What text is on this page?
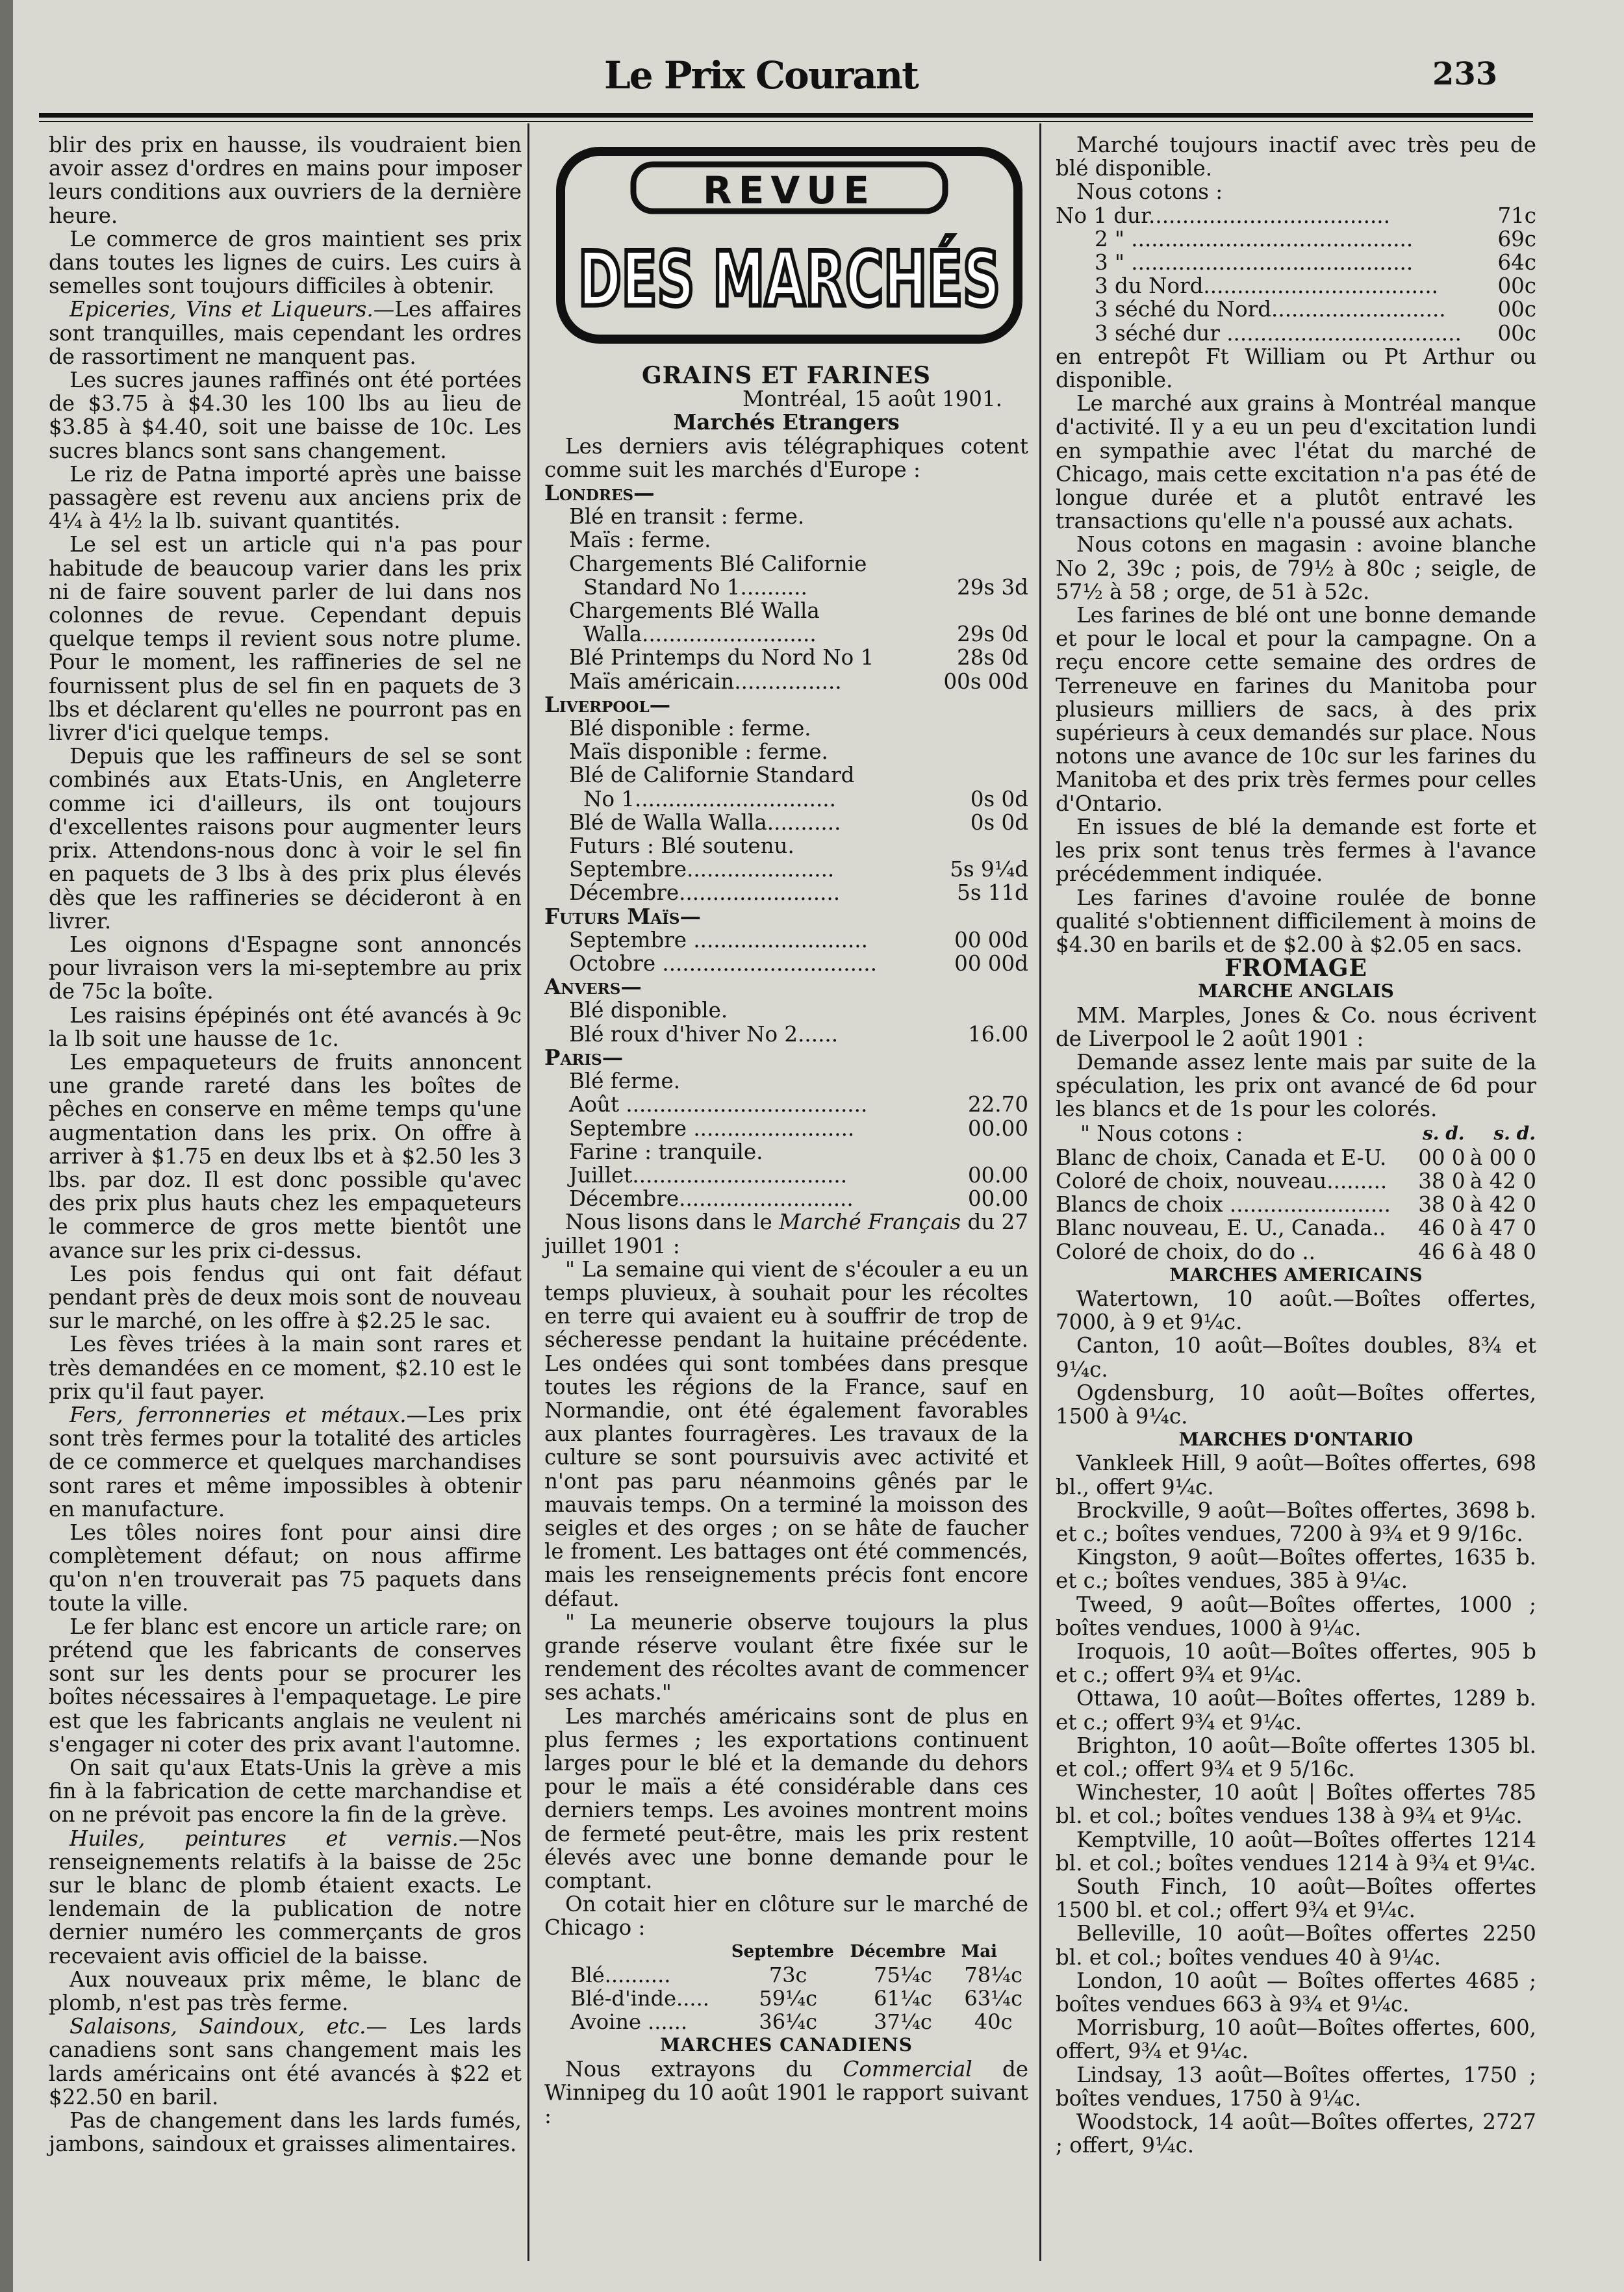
Le Prix Courant	233

blir des prix en hausse, ils voudraient bien avoir assez d'ordres en mains pour imposer leurs conditions aux ouvriers de la dernière heure.

Le commerce de gros maintient ses prix dans toutes les lignes de cuirs. Les cuirs à semelles sont toujours difficiles à obtenir.

Epiceries, Vins et Liqueurs.—Les affaires sont tranquilles, mais cependant les ordres de rassortiment ne manquent pas.

Les sucres jaunes raffinés ont été portées de $3.75 à $4.30 les 100 lbs au lieu de $3.85 à $4.40, soit une baisse de 10c. Les sucres blancs sont sans changement.

Le riz de Patna importé après une baisse passagère est revenu aux anciens prix de 4¼ à 4½ la lb. suivant quantités.

Le sel est un article qui n'a pas pour habitude de beaucoup varier dans les prix ni de faire souvent parler de lui dans nos colonnes de revue. Cependant depuis quelque temps il revient sous notre plume. Pour le moment, les raffineries de sel ne fournissent plus de sel fin en paquets de 3 lbs et déclarent qu'elles ne pourront pas en livrer d'ici quelque temps.

Depuis que les raffineurs de sel se sont combinés aux Etats-Unis, en Angleterre comme ici d'ailleurs, ils ont toujours d'excellentes raisons pour augmenter leurs prix. Attendons-nous donc à voir le sel fin en paquets de 3 lbs à des prix plus élevés dès que les raffineries se décideront à en livrer.

Les oignons d'Espagne sont annoncés pour livraison vers la mi-septembre au prix de 75c la boîte.

Les raisins épépinés ont été avancés à 9c la lb soit une hausse de 1c.

Les empaqueteurs de fruits annoncent une grande rareté dans les boîtes de pêches en conserve en même temps qu'une augmentation dans les prix. On offre à arriver à $1.75 en deux lbs et à $2.50 les 3 lbs. par doz. Il est donc possible qu'avec des prix plus hauts chez les empaqueteurs le commerce de gros mette bientôt une avance sur les prix ci-dessus.

Les pois fendus qui ont fait défaut pendant près de deux mois sont de nouveau sur le marché, on les offre à $2.25 le sac.

Les fèves triées à la main sont rares et très demandées en ce moment, $2.10 est le prix qu'il faut payer.

Fers, ferronneries et métaux.—Les prix sont très fermes pour la totalité des articles de ce commerce et quelques marchandises sont rares et même impossibles à obtenir en manufacture.

Les tôles noires font pour ainsi dire complètement défaut; on nous affirme qu'on n'en trouverait pas 75 paquets dans toute la ville.

Le fer blanc est encore un article rare; on prétend que les fabricants de conserves sont sur les dents pour se procurer les boîtes nécessaires à l'empaquetage. Le pire est que les fabricants anglais ne veulent ni s'engager ni coter des prix avant l'automne.

On sait qu'aux Etats-Unis la grève a mis fin à la fabrication de cette marchandise et on ne prévoit pas encore la fin de la grève.

Huiles, peintures et vernis.—Nos renseignements relatifs à la baisse de 25c sur le blanc de plomb étaient exacts. Le lendemain de la publication de notre dernier numéro les commerçants de gros recevaient avis officiel de la baisse.

Aux nouveaux prix même, le blanc de plomb, n'est pas très ferme.

Salaisons, Saindoux, etc.— Les lards canadiens sont sans changement mais les lards américains ont été avancés à $22 et $22.50 en baril.

Pas de changement dans les lards fumés, jambons, saindoux et graisses alimentaires.

REVUE
DES MARCHÉS

GRAINS ET FARINES

Montréal, 15 août 1901.

Marchés Etrangers

Les derniers avis télégraphiques cotent comme suit les marchés d'Europe :

Londres—

Blé en transit : ferme.

Maïs : ferme.

Chargements Blé Californie

Standard No 1..........	29s 3d
Chargements Blé Walla
Walla..........................	29s 0d
Blé Printemps du Nord No 1	28s 0d
Maïs américain................	00s 00d

Liverpool—

Blé disponible : ferme.

Maïs disponible : ferme.

Blé de Californie Standard

No 1..............................	0s 0d
Blé de Walla Walla...........	0s 0d
Futurs : Blé soutenu.
Septembre......................	5s 9¼d
Décembre........................	5s 11d

Futurs Maïs—

Septembre ..........................	00 00d
Octobre ................................	00 00d

Anvers—

Blé disponible.

Blé roux d'hiver No 2......	16.00

Paris—

Blé ferme.

Août ....................................	22.70
Septembre ........................	00.00
Farine : tranquile.
Juillet................................	00.00
Décembre..........................	00.00

Nous lisons dans le Marché Français du 27 juillet 1901 :

" La semaine qui vient de s'écouler a eu un temps pluvieux, à souhait pour les récoltes en terre qui avaient eu à souffrir de trop de sécheresse pendant la huitaine précédente. Les ondées qui sont tombées dans presque toutes les régions de la France, sauf en Normandie, ont été également favorables aux plantes fourragères. Les travaux de la culture se sont poursuivis avec activité et n'ont pas paru néanmoins gênés par le mauvais temps. On a terminé la moisson des seigles et des orges ; on se hâte de faucher le froment. Les battages ont été commencés, mais les renseignements précis font encore défaut.

" La meunerie observe toujours la plus grande réserve voulant être fixée sur le rendement des récoltes avant de commencer ses achats."

Les marchés américains sont de plus en plus fermes ; les exportations continuent larges pour le blé et la demande du dehors pour le maïs a été considérable dans ces derniers temps. Les avoines montrent moins de fermeté peut-être, mais les prix restent élevés avec une bonne demande pour le comptant.

On cotait hier en clôture sur le marché de Chicago :

	Septembre	Décembre	Mai
Blé..........	73c	75¼c	78¼c
Blé-d'inde.....	59¼c	61¼c	63¼c
Avoine ......	36¼c	37¼c	40c

MARCHES CANADIENS

Nous extrayons du Commercial de Winnipeg du 10 août 1901 le rapport suivant :

Marché toujours inactif avec très peu de blé disponible.

Nous cotons :

No 1 dur....................................	71c
2 " ..........................................	69c
3 " ..........................................	64c
3 du Nord...................................	00c
3 séché du Nord..........................	00c
3 séché dur ...................................	00c

en entrepôt Ft William ou Pt Arthur ou disponible.

Le marché aux grains à Montréal manque d'activité. Il y a eu un peu d'excitation lundi en sympathie avec l'état du marché de Chicago, mais cette excitation n'a pas été de longue durée et a plutôt entravé les transactions qu'elle n'a poussé aux achats.

Nous cotons en magasin : avoine blanche No 2, 39c ; pois, de 79½ à 80c ; seigle, de 57½ à 58 ; orge, de 51 à 52c.

Les farines de blé ont une bonne demande et pour le local et pour la campagne. On a reçu encore cette semaine des ordres de Terreneuve en farines du Manitoba pour plusieurs milliers de sacs, à des prix supérieurs à ceux demandés sur place. Nous notons une avance de 10c sur les farines du Manitoba et des prix très fermes pour celles d'Ontario.

En issues de blé la demande est forte et les prix sont tenus très fermes à l'avance précédemment indiquée.

Les farines d'avoine roulée de bonne qualité s'obtiennent difficilement à moins de $4.30 en barils et de $2.00 à $2.05 en sacs.

FROMAGE

MARCHE ANGLAIS

MM. Marples, Jones & Co. nous écrivent de Liverpool le 2 août 1901 :

Demande assez lente mais par suite de la spéculation, les prix ont avancé de 6d pour les blancs et de 1s pour les colorés.

" Nous cotons :	s. d.	s. d.
Blanc de choix, Canada et E-U.	00 0	à 00 0
Coloré de choix, nouveau.........	38 0	à 42 0
Blancs de choix ........................	38 0	à 42 0
Blanc nouveau, E. U., Canada..	46 0	à 47 0
Coloré de choix, do do ..	46 6	à 48 0

MARCHES AMERICAINS

Watertown, 10 août.—Boîtes offertes, 7000, à 9 et 9¼c.

Canton, 10 août—Boîtes doubles, 8¾ et 9¼c.

Ogdensburg, 10 août—Boîtes offertes, 1500 à 9¼c.

MARCHES D'ONTARIO

Vankleek Hill, 9 août—Boîtes offertes, 698 bl., offert 9¼c.

Brockville, 9 août—Boîtes offertes, 3698 b. et c.; boîtes vendues, 7200 à 9¾ et 9 9/16c.

Kingston, 9 août—Boîtes offertes, 1635 b. et c.; boîtes vendues, 385 à 9¼c.

Tweed, 9 août—Boîtes offertes, 1000 ; boîtes vendues, 1000 à 9¼c.

Iroquois, 10 août—Boîtes offertes, 905 b et c.; offert 9¾ et 9¼c.

Ottawa, 10 août—Boîtes offertes, 1289 b. et c.; offert 9¾ et 9¼c.

Brighton, 10 août—Boîte offertes 1305 bl. et col.; offert 9¾ et 9 5/16c.

Winchester, 10 août | Boîtes offertes 785 bl. et col.; boîtes vendues 138 à 9¾ et 9¼c.

Kemptville, 10 août—Boîtes offertes 1214 bl. et col.; boîtes vendues 1214 à 9¾ et 9¼c.

South Finch, 10 août—Boîtes offertes 1500 bl. et col.; offert 9¾ et 9¼c.

Belleville, 10 août—Boîtes offertes 2250 bl. et col.; boîtes vendues 40 à 9¼c.

London, 10 août — Boîtes offertes 4685 ; boîtes vendues 663 à 9¾ et 9¼c.

Morrisburg, 10 août—Boîtes offertes, 600, offert, 9¾ et 9¼c.

Lindsay, 13 août—Boîtes offertes, 1750 ; boîtes vendues, 1750 à 9¼c.

Woodstock, 14 août—Boîtes offertes, 2727 ; offert, 9¼c.
